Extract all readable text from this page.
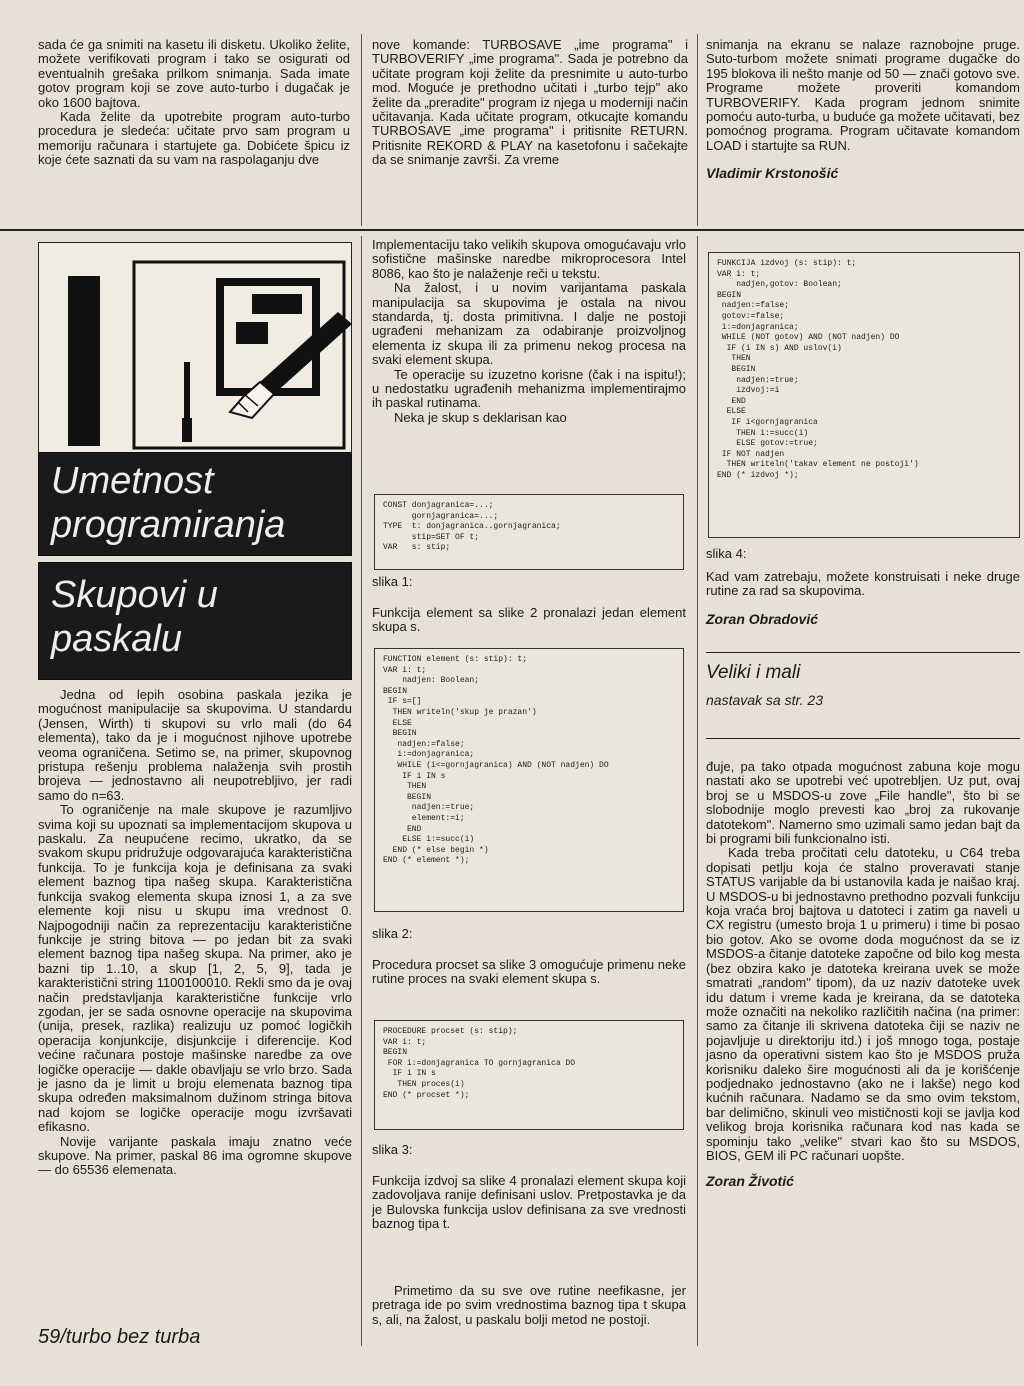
sada će ga snimiti na kasetu ili disketu. Ukoliko želite, možete verifikovati program i tako se osigurati od eventualnih grešaka prilkom snimanja. Sada imate gotov program koji se zove auto-turbo i dugačak je oko 1600 bajtova.

Kada želite da upotrebite program auto-turbo procedura je sledeća: učitate prvo sam program u memoriju računara i startujete ga. Dobićete špicu iz koje ćete saznati da su vam na raspolaganju dve

nove komande: TURBOSAVE „ime programa" i TURBOVERIFY „ime programa". Sada je potrebno da učitate program koji želite da presnimite u auto-turbo mod. Moguće je prethodno učitati i „turbo tejp" ako želite da „preradite" program iz njega u moderniji način učitavanja. Kada učitate program, otkucajte komandu TURBOSAVE „ime programa" i pritisnite RETURN. Pritisnite REKORD & PLAY na kasetofonu i sačekajte da se snimanje završi. Za vreme

snimanja na ekranu se nalaze raznobojne pruge. Suto-turbom možete snimati programe dugačke do 195 blokova ili nešto manje od 50 — znači gotovo sve. Programe možete proveriti komandom TURBOVERIFY. Kada program jednom snimite pomoću auto-turba, u buduće ga možete učitavati, bez pomoćnog programa. Program učitavate komandom LOAD i startujte sa RUN.

Vladimir Krstonošić
Umetnost programiranja
Skupovi u paskalu

Jedna od lepih osobina paskala jezika je mogućnost manipulacije sa skupovima. U standardu (Jensen, Wirth) ti skupovi su vrlo mali (do 64 elementa), tako da je i mogućnost njihove upotrebe veoma ograničena. Setimo se, na primer, skupovnog pristupa rešenju problema nalaženja svih prostih brojeva — jednostavno ali neupotrebljivo, jer radi samo do n=63.

To ograničenje na male skupove je razumljivo svima koji su upoznati sa implementacijom skupova u paskalu. Za neupućene recimo, ukratko, da se svakom skupu pridružuje odgovarajuća karakteristična funkcija. To je funkcija koja je definisana za svaki element baznog tipa našeg skupa. Karakteristična funkcija svakog elementa skupa iznosi 1, a za sve elemente koji nisu u skupu ima vrednost 0. Najpogodniji način za reprezentaciju karakteristične funkcije je string bitova — po jedan bit za svaki element baznog tipa našeg skupa. Na primer, ako je bazni tip 1..10, a skup [1, 2, 5, 9], tada je karakteristični string 1100100010. Rekli smo da je ovaj način predstavljanja karakteristične funkcije vrlo zgodan, jer se sada osnovne operacije na skupovima (unija, presek, razlika) realizuju uz pomoć logičkih operacija konjunkcije, disjunkcije i diferencije. Kod većine računara postoje mašinske naredbe za ove logičke operacije — dakle obavljaju se vrlo brzo. Sada je jasno da je limit u broju elemenata baznog tipa skupa određen maksimalnom dužinom stringa bitova nad kojom se logičke operacije mogu izvršavati efikasno.

Novije varijante paskala imaju znatno veće skupove. Na primer, paskal 86 ima ogromne skupove — do 65536 elemenata.

Implementaciju tako velikih skupova omogućavaju vrlo sofistične mašinske naredbe mikroprocesora Intel 8086, kao što je nalaženje reči u tekstu.

Na žalost, i u novim varijantama paskala manipulacija sa skupovima je ostala na nivou standarda, tj. dosta primitivna. I dalje ne postoji ugrađeni mehanizam za odabiranje proizvoljnog elementa iz skupa ili za primenu nekog procesa na svaki element skupa.

Te operacije su izuzetno korisne (čak i na ispitu!); u nedostatku ugrađenih mehanizma implementirajmo ih paskal rutinama.

Neka je skup s deklarisan kao

CONST donjagranica=...;
gornjagranica=...;
TYPE  t: donjagranica..gornjagranica;
stip=SET OF t;
VAR   s: stip;
slika 1:

Funkcija element sa slike 2 pronalazi jedan element skupa s.

FUNCTION element (s: stip): t;
VAR i: t;
nadjen: Boolean;
BEGIN
IF s=[]
THEN writeln('skup je prazan')
ELSE
BEGIN
nadjen:=false;
i:=donjagranica;
WHILE (i<=gornjagranica) AND (NOT nadjen) DO
IF i IN s
THEN
BEGIN
nadjen:=true;
element:=i;
END
ELSE i:=succ(i)
END (* else begin *)
END (* element *);
slika 2:

Procedura procset sa slike 3 omogućuje primenu neke rutine proces na svaki element skupa s.

PROCEDURE procset (s: stip);
VAR i: t;
BEGIN
FOR i:=donjagranica TO gornjagranica DO
IF i IN s
THEN proces(i)
END (* procset *);
slika 3:

Funkcija izdvoj sa slike 4 pronalazi element skupa koji zadovoljava ranije definisani uslov. Pretpostavka je da je Bulovska funkcija uslov definisana za sve vrednosti baznog tipa t.

Primetimo da su sve ove rutine neefikasne, jer pretraga ide po svim vrednostima baznog tipa t skupa s, ali, na žalost, u paskalu bolji metod ne postoji.

FUNKCIJA izdvoj (s: stip): t;
VAR i: t;
nadjen,gotov: Boolean;
BEGIN
nadjen:=false;
gotov:=false;
i:=donjagranica;
WHILE (NOT gotov) AND (NOT nadjen) DO
IF (i IN s) AND uslov(i)
THEN
BEGIN
nadjen:=true;
izdvoj:=i
END
ELSE
IF i<gornjagranica
THEN i:=succ(i)
ELSE gotov:=true;
IF NOT nadjen
THEN writeln('takav element ne postoji')
END (* izdvoj *);
slika 4:

Kad vam zatrebaju, možete konstruisati i neke druge rutine za rad sa skupovima.

Zoran Obradović
Veliki i mali
nastavak sa str. 23

đuje, pa tako otpada mogućnost zabuna koje mogu nastati ako se upotrebi već upotrebljen. Uz put, ovaj broj se u MSDOS-u zove „File handle", što bi se slobodnije moglo prevesti kao „broj za rukovanje datotekom". Namerno smo uzimali samo jedan bajt da bi programi bili funkcionalno isti.

Kada treba pročitati celu datoteku, u C64 treba dopisati petlju koja će stalno proveravati stanje STATUS varijable da bi ustanovila kada je naišao kraj. U MSDOS-u bi jednostavno prethodno pozvali funkciju koja vraća broj bajtova u datoteci i zatim ga naveli u CX registru (umesto broja 1 u primeru) i time bi posao bio gotov. Ako se ovome doda mogućnost da se iz MSDOS-a čitanje datoteke započne od bilo kog mesta (bez obzira kako je datoteka kreirana uvek se može smatrati „random" tipom), da uz naziv datoteke uvek idu datum i vreme kada je kreirana, da se datoteka može označiti na nekoliko različitih načina (na primer: samo za čitanje ili skrivena datoteka čiji se naziv ne pojavljuje u direktoriju itd.) i još mnogo toga, postaje jasno da operativni sistem kao što je MSDOS pruža korisniku daleko šire mogućnosti ali da je korišćenje podjednako jednostavno (ako ne i lakše) nego kod kućnih računara. Nadamo se da smo ovim tekstom, bar delimično, skinuli veo mističnosti koji se javlja kod velikog broja korisnika računara kod nas kada se spominju tako „velike" stvari kao što su MSDOS, BIOS, GEM ili PC računari uopšte.

Zoran Životić
59/turbo bez turba
